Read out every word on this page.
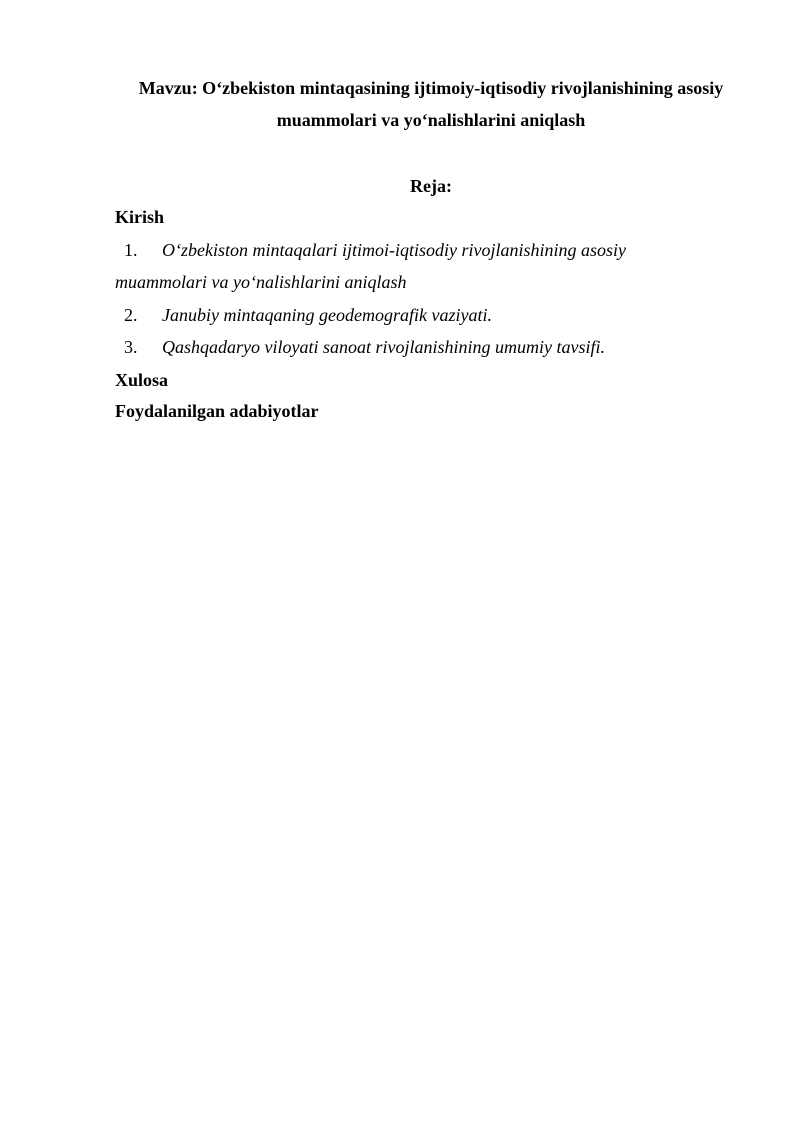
Mavzu: O‘zbekiston mintaqasining ijtimoiy-iqtisodiy rivojlanishining asosiy muammolari va yo‘nalishlarini aniqlash
Reja:
Kirish
1. O‘zbekiston mintaqalari ijtimoi-iqtisodiy rivojlanishining asosiy
muammolari va yo‘nalishlarini aniqlash
2. Janubiy mintaqaning geodemografik vaziyati.
3. Qashqadaryo viloyati sanoat rivojlanishining umumiy tavsifi.
Xulosa
Foydalanilgan adabiyotlar
